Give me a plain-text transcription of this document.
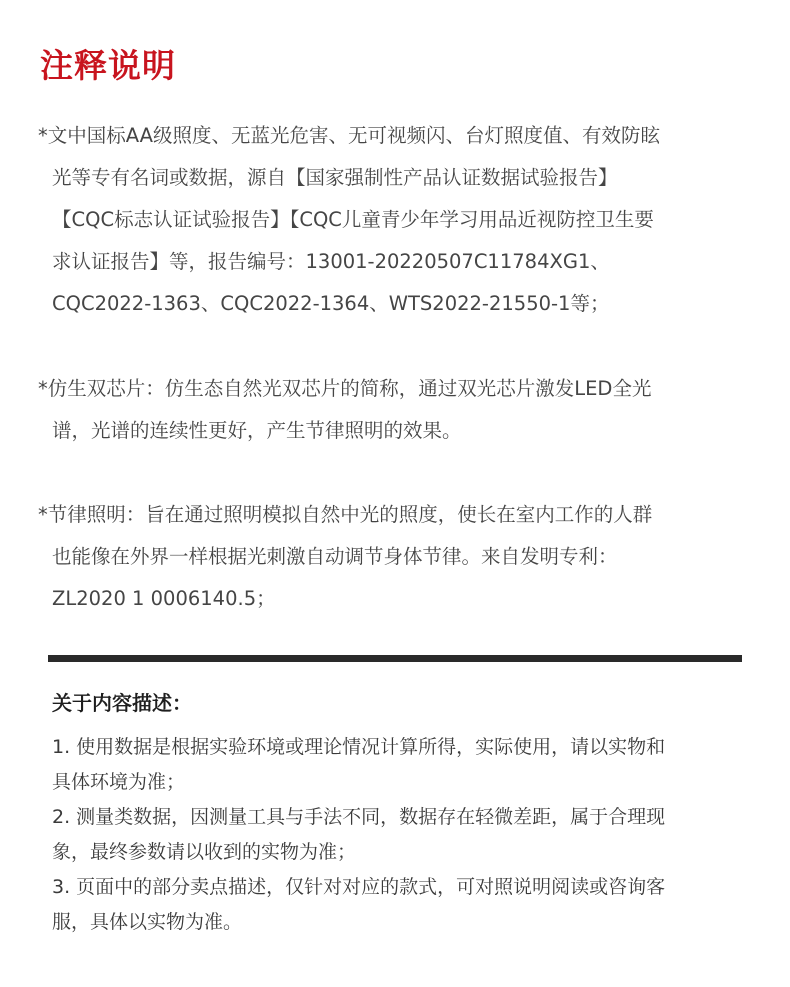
注释说明
*文中国标AA级照度、无蓝光危害、无可视频闪、台灯照度值、有效防眩
光等专有名词或数据，源自【国家强制性产品认证数据试验报告】
【CQC标志认证试验报告】【CQC儿童青少年学习用品近视防控卫生要
求认证报告】等，报告编号：13001-20220507C11784XG1、
CQC2022-1363、CQC2022-1364、WTS2022-21550-1等；
*仿生双芯片：仿生态自然光双芯片的简称，通过双光芯片激发LED全光
谱，光谱的连续性更好，产生节律照明的效果。
*节律照明：旨在通过照明模拟自然中光的照度，使长在室内工作的人群
也能像在外界一样根据光刺激自动调节身体节律。来自发明专利：
ZL2020 1 0006140.5；
关于内容描述：
1. 使用数据是根据实验环境或理论情况计算所得，实际使用，请以实物和
具体环境为准；
2. 测量类数据，因测量工具与手法不同，数据存在轻微差距，属于合理现
象，最终参数请以收到的实物为准；
3. 页面中的部分卖点描述，仅针对对应的款式，可对照说明阅读或咨询客
服，具体以实物为准。
